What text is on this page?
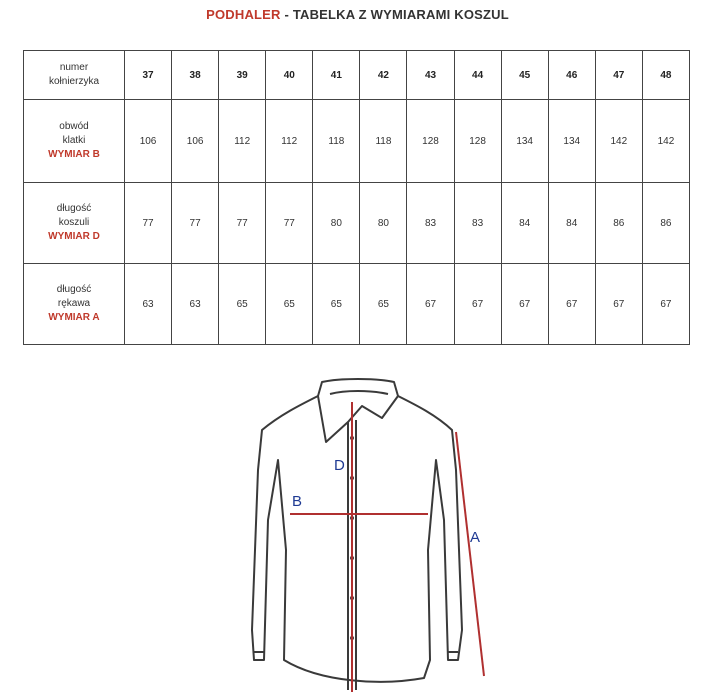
PODHALER - TABELKA Z WYMIARAMI KOSZUL
numer
kołnierzyka	37	38	39	40	41	42	43	44	45	46	47	48

obwód
klatki
WYMIAR B	106	106	112	112	118	118	128	128	134	134	142	142

długość
koszuli
WYMIAR D	77	77	77	77	80	80	83	83	84	84	86	86

długość
rękawa
WYMIAR A	63	63	65	65	65	65	67	67	67	67	67	67
D
B
A
